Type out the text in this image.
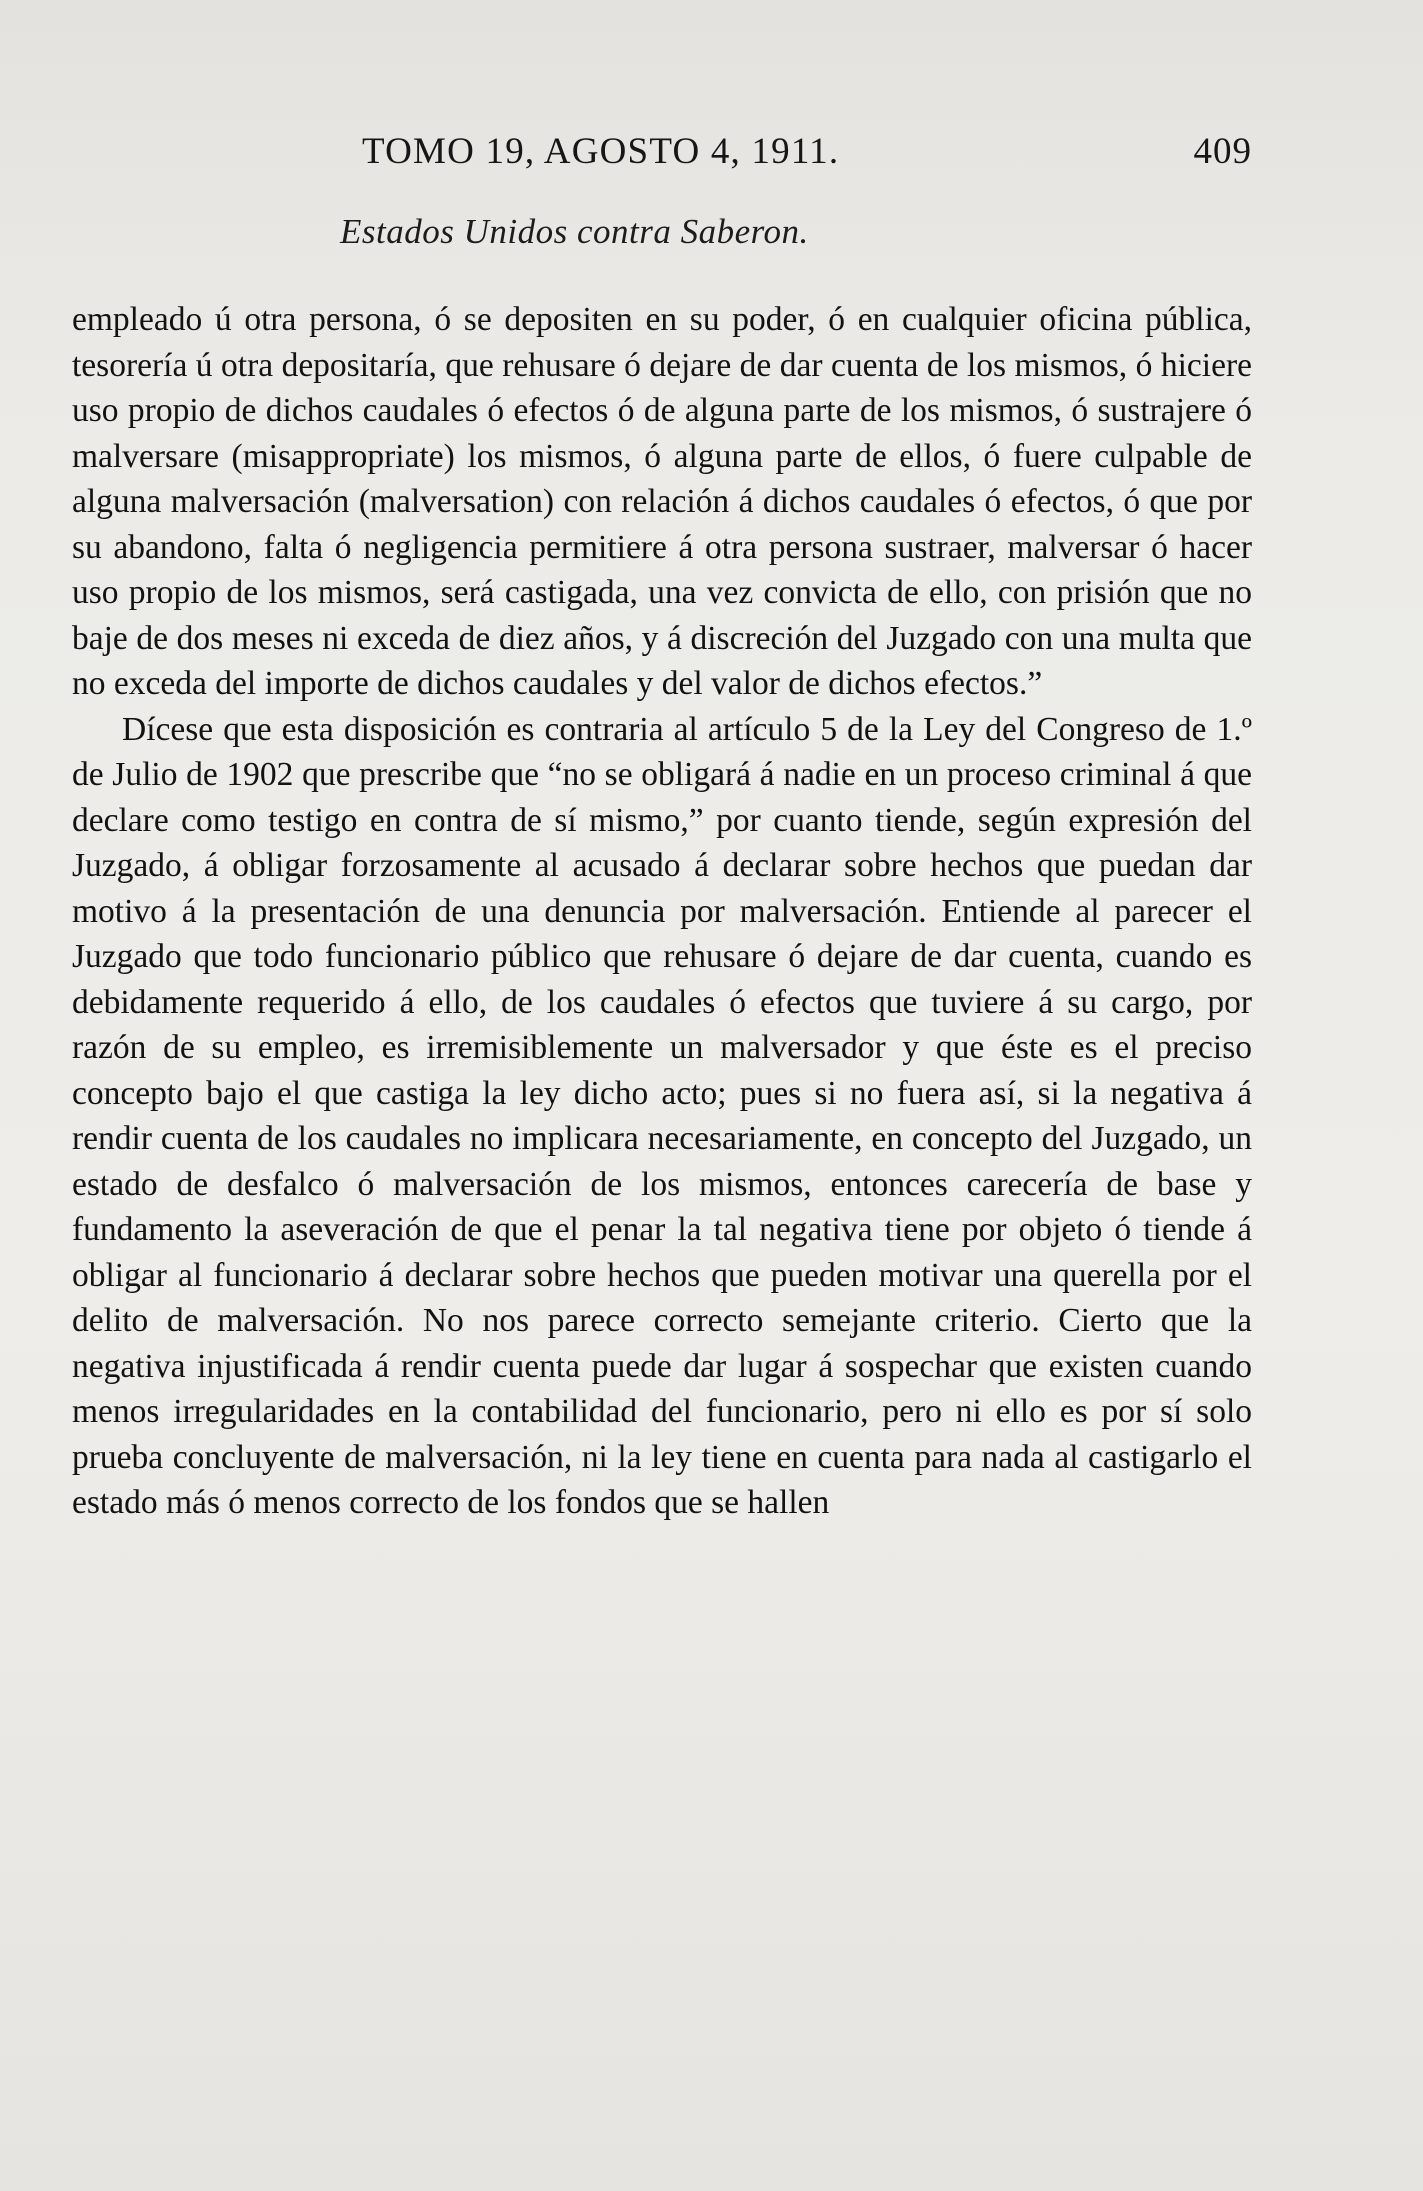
TOMO 19, AGOSTO 4, 1911.	409
Estados Unidos contra Saberon.

empleado ú otra persona, ó se depositen en su poder, ó en cualquier oficina pública, tesorería ú otra depositaría, que rehusare ó dejare de dar cuenta de los mismos, ó hiciere uso propio de dichos caudales ó efectos ó de alguna parte de los mismos, ó sustrajere ó malversare (misappropriate) los mismos, ó alguna parte de ellos, ó fuere culpable de alguna malversación (malversation) con relación á dichos caudales ó efectos, ó que por su abandono, falta ó negligencia permitiere á otra persona sustraer, malversar ó hacer uso propio de los mismos, será castigada, una vez convicta de ello, con prisión que no baje de dos meses ni exceda de diez años, y á discreción del Juzgado con una multa que no exceda del importe de dichos caudales y del valor de dichos efectos.”

Dícese que esta disposición es contraria al artículo 5 de la Ley del Congreso de 1.º de Julio de 1902 que prescribe que “no se obligará á nadie en un proceso criminal á que declare como testigo en contra de sí mismo,” por cuanto tiende, según expresión del Juzgado, á obligar forzosamente al acusado á declarar sobre hechos que puedan dar motivo á la presentación de una denuncia por malversación. Entiende al parecer el Juzgado que todo funcionario público que rehusare ó dejare de dar cuenta, cuando es debidamente requerido á ello, de los caudales ó efectos que tuviere á su cargo, por razón de su empleo, es irremisiblemente un malversador y que éste es el preciso concepto bajo el que castiga la ley dicho acto; pues si no fuera así, si la negativa á rendir cuenta de los caudales no implicara necesariamente, en concepto del Juzgado, un estado de desfalco ó malversación de los mismos, entonces carecería de base y fundamento la aseveración de que el penar la tal negativa tiene por objeto ó tiende á obligar al funcionario á declarar sobre hechos que pueden motivar una querella por el delito de malversación. No nos parece correcto semejante criterio. Cierto que la negativa injustificada á rendir cuenta puede dar lugar á sospechar que existen cuando menos irregularidades en la contabilidad del funcionario, pero ni ello es por sí solo prueba concluyente de malversación, ni la ley tiene en cuenta para nada al castigarlo el estado más ó menos correcto de los fondos que se hallen
